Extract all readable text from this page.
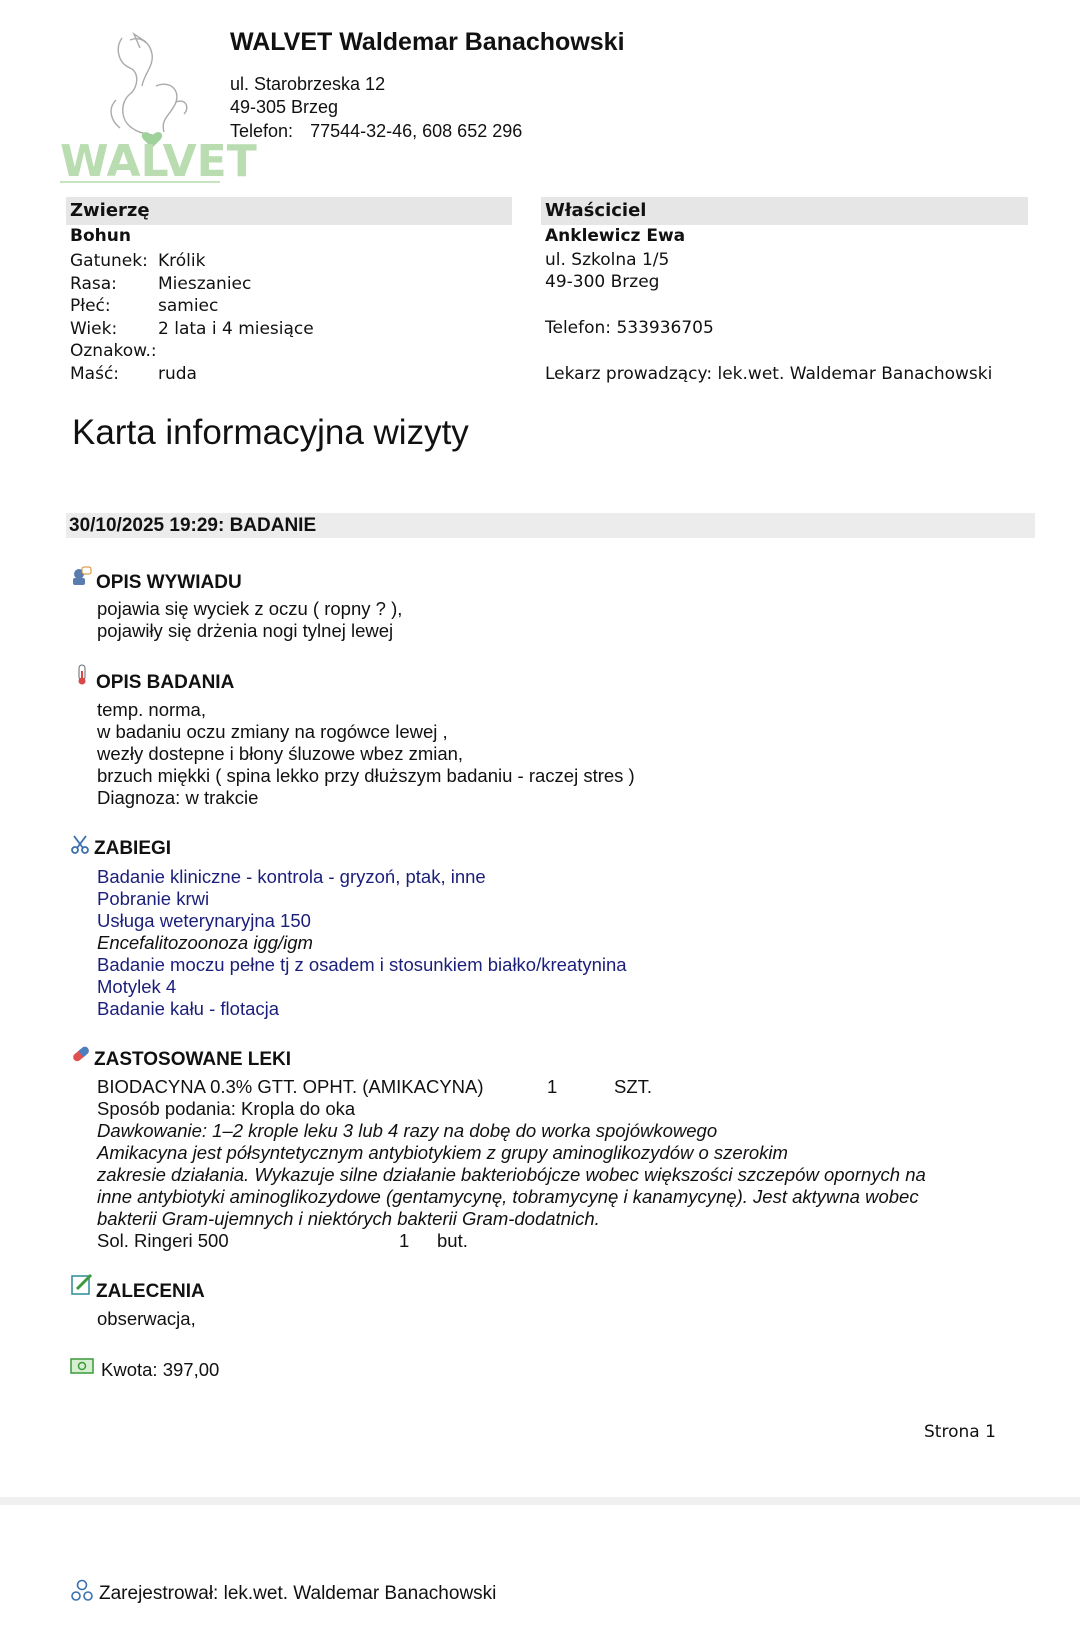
WALVET
WALVET Waldemar Banachowski
ul. Starobrzeska 12
49-305 Brzeg
Telefon: 77544-32-46, 608 652 296
Zwierzę
Bohun
Gatunek: Królik
Rasa: Mieszaniec
Płeć:	samiec
Wiek: 2 lata i 4 miesiące
Oznakow.:
Maść: ruda
Właściciel
Anklewicz Ewa
ul. Szkolna 1/5
49-300 Brzeg
Telefon: 533936705
Lekarz prowadzący: lek.wet. Waldemar Banachowski
Karta informacyjna wizyty
30/10/2025 19:29: BADANIE
OPIS WYWIADU
pojawia się wyciek z oczu ( ropny ? ),
pojawiły się drżenia nogi tylnej lewej
OPIS BADANIA
temp. norma,
w badaniu oczu zmiany na rogówce lewej ,
wezły dostepne i błony śluzowe wbez zmian,
brzuch miękki ( spina lekko przy dłuższym badaniu - raczej stres )
Diagnoza: w trakcie
ZABIEGI
Badanie kliniczne - kontrola - gryzoń, ptak, inne
Pobranie krwi
Usługa weterynaryjna 150
Encefalitozoonoza igg/igm
Badanie moczu pełne tj z osadem i stosunkiem białko/kreatynina
Motylek 4
Badanie kału - flotacja
ZASTOSOWANE LEKI
BIODACYNA 0.3% GTT. OPHT. (AMIKACYNA)	1	SZT.
Sposób podania: Kropla do oka
Dawkowanie: 1–2 krople leku 3 lub 4 razy na dobę do worka spojówkowego
Amikacyna jest półsyntetycznym antybiotykiem z grupy aminoglikozydów o szerokim
zakresie działania. Wykazuje silne działanie bakteriobójcze wobec większości szczepów opornych na
inne antybiotyki aminoglikozydowe (gentamycynę, tobramycynę i kanamycynę). Jest aktywna wobec
bakterii Gram-ujemnych i niektórych bakterii Gram-dodatnich.
Sol. Ringeri 500	1 but.
ZALECENIA
obserwacja,
Kwota: 397,00
Strona 1
Zarejestrował: lek.wet. Waldemar Banachowski
